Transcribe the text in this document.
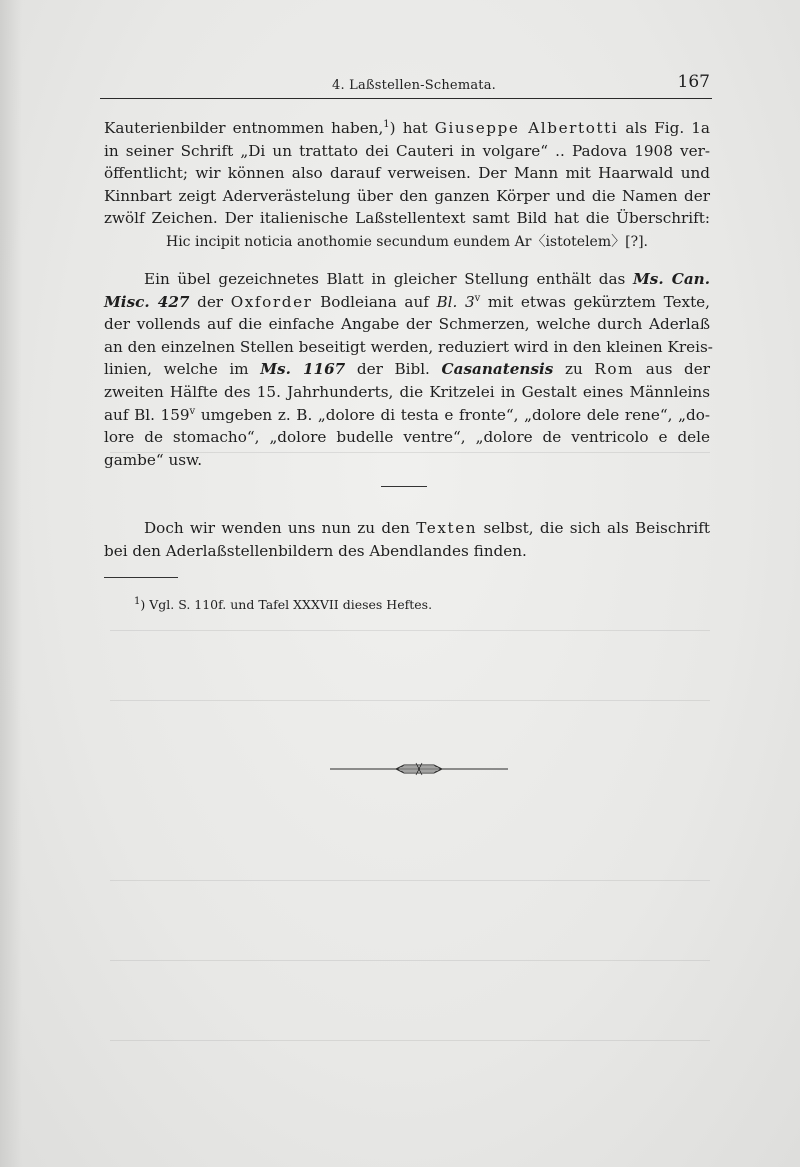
4. Laßstellen-Schemata.	167
Kauterienbilder entnommen haben,$^1$) hat Giuseppe Albertotti als Fig. 1a
in seiner Schrift „Di un trattato dei Cauteri in volgare“ .. Padova 1908 ver-
öffentlicht; wir können also darauf verweisen. Der Mann mit Haarwald und
Kinnbart zeigt Aderverästelung über den ganzen Körper und die Namen der
zwölf Zeichen. Der italienische Laßstellentext samt Bild hat die Überschrift:
Hic incipit noticia anothomie secundum eundem Ar〈istotelem〉[?].
Ein übel gezeichnetes Blatt in gleicher Stellung enthält das Ms. Can.
Misc. 427 der Oxforder Bodleiana auf Bl. 3$^v$ mit etwas gekürztem Texte,
der vollends auf die einfache Angabe der Schmerzen, welche durch Aderlaß
an den einzelnen Stellen beseitigt werden, reduziert wird in den kleinen Kreis-
linien, welche im Ms. 1167 der Bibl. Casanatensis zu Rom aus der
zweiten Hälfte des 15. Jahrhunderts, die Kritzelei in Gestalt eines Männleins
auf Bl. 159$^v$ umgeben z. B. „dolore di testa e fronte“, „dolore dele rene“, „do-
lore de stomacho“, „dolore budelle ventre“, „dolore de ventricolo e dele
gambe“ usw.
Doch wir wenden uns nun zu den Texten selbst, die sich als Beischrift
bei den Aderlaßstellenbildern des Abendlandes finden.
$^1$) Vgl. S. 110f. und Tafel XXXVII dieses Heftes.
